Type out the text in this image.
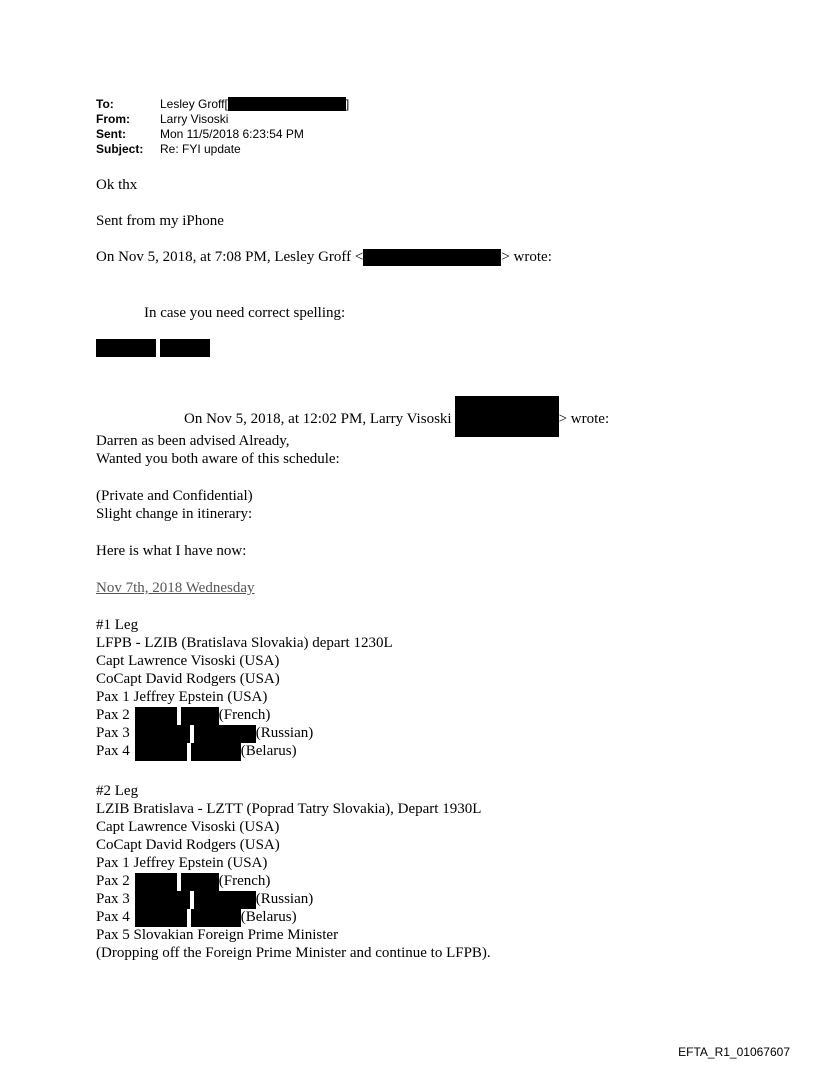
To:	Lesley Groff[	]
From:	Larry Visoski
Sent:	Mon 11/5/2018 6:23:54 PM
Subject:	Re: FYI update
Ok thx
Sent from my iPhone
On Nov 5, 2018, at 7:08 PM, Lesley Groff <	> wrote:
In case you need correct spelling:
On Nov 5, 2018, at 12:02 PM, Larry Visoski	> wrote:
Darren as been advised Already,
Wanted you both aware of this schedule:
(Private and Confidential)
Slight change in itinerary:
Here is what I have now:
Nov 7th, 2018 Wednesday
#1 Leg
LFPB - LZIB (Bratislava Slovakia) depart 1230L
Capt Lawrence Visoski (USA)
CoCapt David Rodgers (USA)
Pax 1 Jeffrey Epstein (USA)
Pax 2	(French)
Pax 3	(Russian)
Pax 4	(Belarus)
#2 Leg
LZIB Bratislava - LZTT (Poprad Tatry Slovakia), Depart 1930L
Capt Lawrence Visoski (USA)
CoCapt David Rodgers (USA)
Pax 1 Jeffrey Epstein (USA)
Pax 2	(French)
Pax 3	(Russian)
Pax 4	(Belarus)
Pax 5 Slovakian Foreign Prime Minister
(Dropping off the Foreign Prime Minister and continue to LFPB).
EFTA_R1_01067607
